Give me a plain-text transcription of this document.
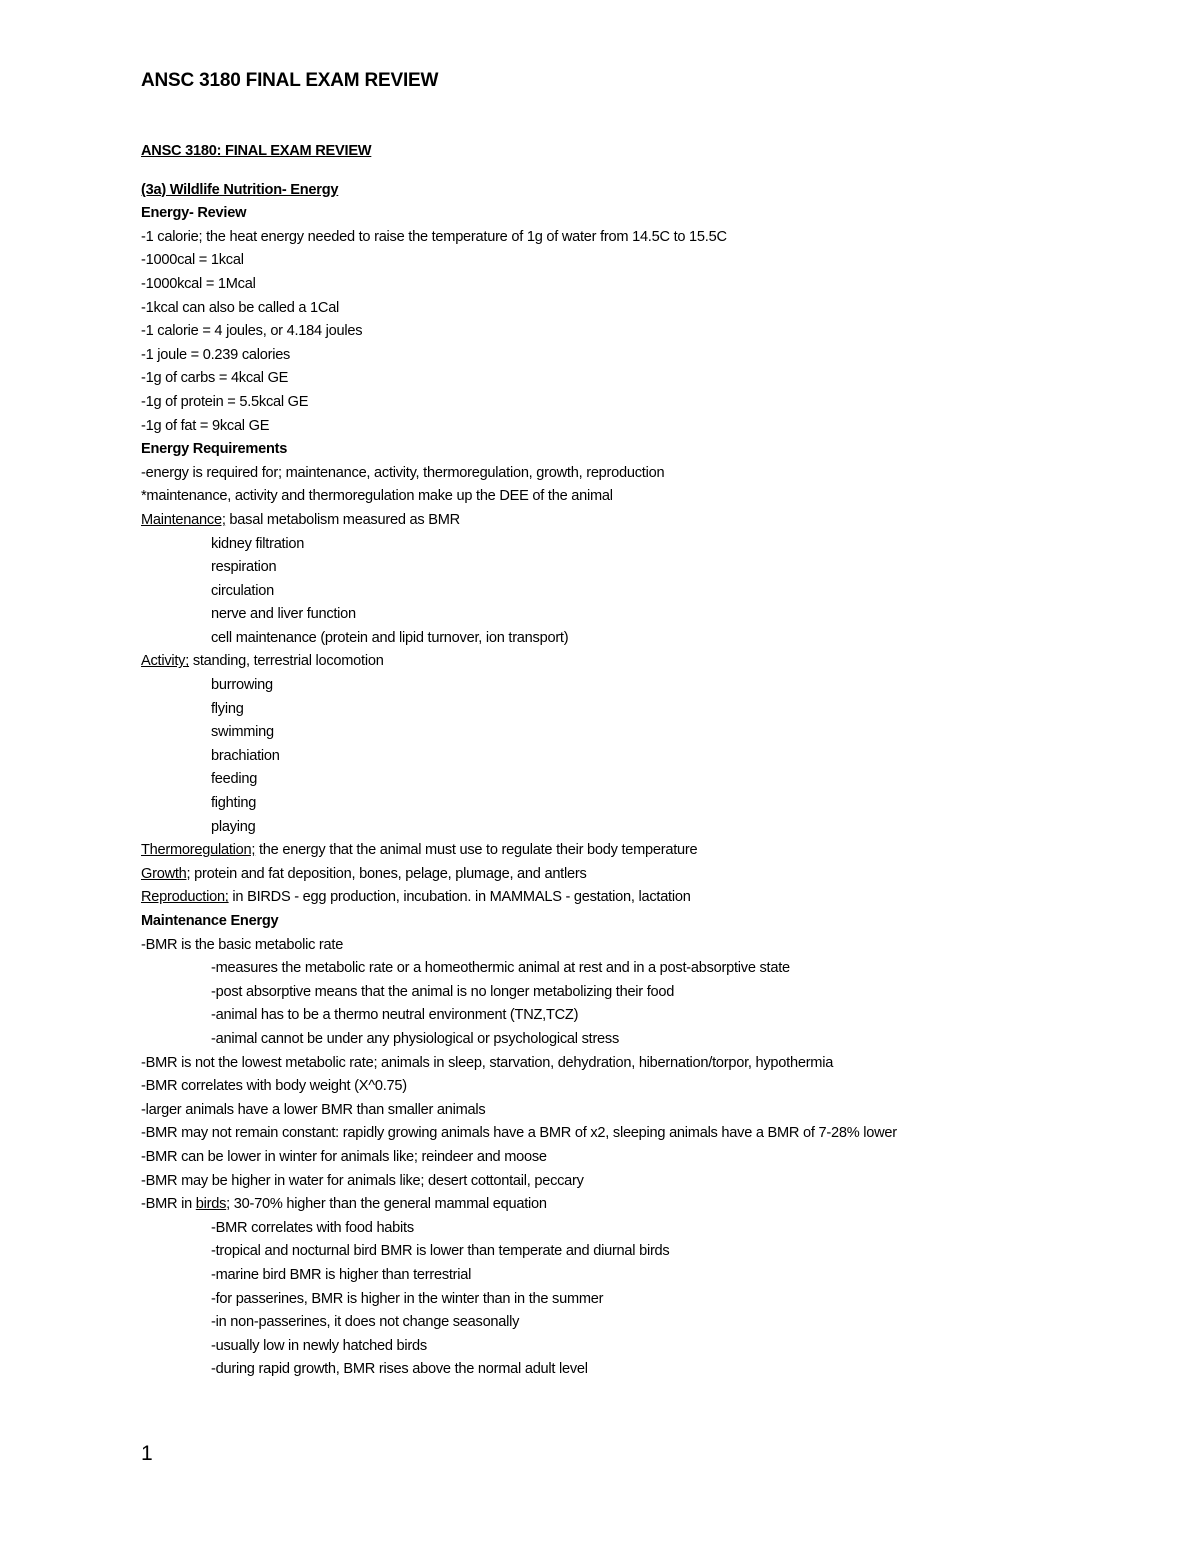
ANSC 3180 FINAL EXAM REVIEW
ANSC 3180: FINAL EXAM REVIEW
(3a) Wildlife Nutrition- Energy
Energy- Review
-1 calorie; the heat energy needed to raise the temperature of 1g of water from 14.5C to 15.5C
-1000cal = 1kcal
-1000kcal = 1Mcal
-1kcal can also be called a 1Cal
-1 calorie = 4 joules, or 4.184 joules
-1 joule = 0.239 calories
-1g of carbs = 4kcal GE
-1g of protein = 5.5kcal GE
-1g of fat = 9kcal GE
Energy Requirements
-energy is required for; maintenance, activity, thermoregulation, growth, reproduction
*maintenance, activity and thermoregulation make up the DEE of the animal
Maintenance; basal metabolism measured as BMR
kidney filtration
respiration
circulation
nerve and liver function
cell maintenance (protein and lipid turnover, ion transport)
Activity; standing, terrestrial locomotion
burrowing
flying
swimming
brachiation
feeding
fighting
playing
Thermoregulation; the energy that the animal must use to regulate their body temperature
Growth; protein and fat deposition, bones, pelage, plumage, and antlers
Reproduction; in BIRDS - egg production, incubation. in MAMMALS - gestation, lactation
Maintenance Energy
-BMR is the basic metabolic rate
-measures the metabolic rate or a homeothermic animal at rest and in a post-absorptive state
-post absorptive means that the animal is no longer metabolizing their food
-animal has to be a thermo neutral environment (TNZ,TCZ)
-animal cannot be under any physiological or psychological stress
-BMR is not the lowest metabolic rate; animals in sleep, starvation, dehydration, hibernation/torpor, hypothermia
-BMR correlates with body weight (X^0.75)
-larger animals have a lower BMR than smaller animals
-BMR may not remain constant: rapidly growing animals have a BMR of x2, sleeping animals have a BMR of 7-28% lower
-BMR can be lower in winter for animals like; reindeer and moose
-BMR may be higher in water for animals like; desert cottontail, peccary
-BMR in birds; 30-70% higher than the general mammal equation
-BMR correlates with food habits
-tropical and nocturnal bird BMR is lower than temperate and diurnal birds
-marine bird BMR is higher than terrestrial
-for passerines, BMR is higher in the winter than in the summer
-in non-passerines, it does not change seasonally
-usually low in newly hatched birds
-during rapid growth, BMR rises above the normal adult level
1
